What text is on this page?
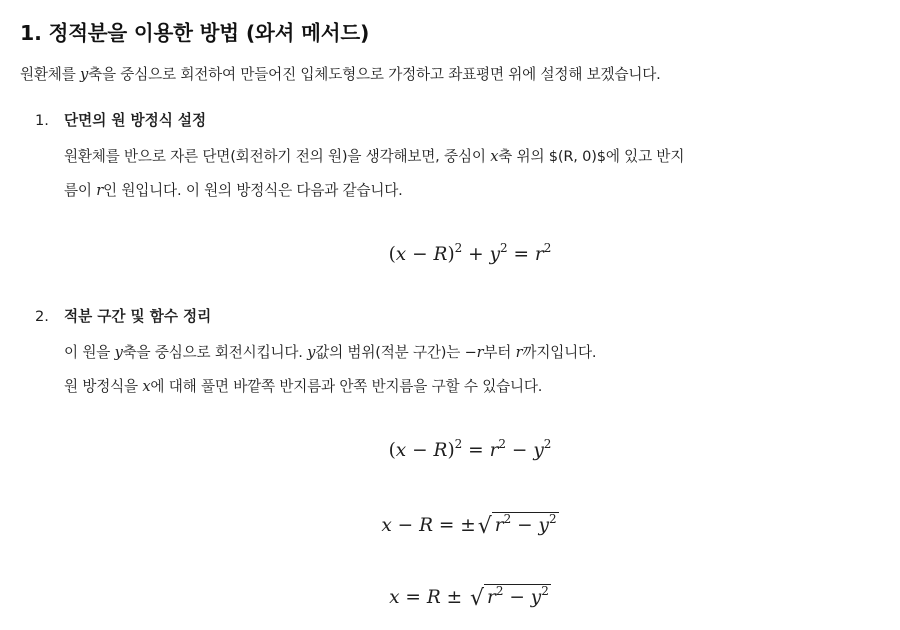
1. 정적분을 이용한 방법 (와셔 메서드)

원환체를 y축을 중심으로 회전하여 만들어진 입체도형으로 가정하고 좌표평면 위에 설정해 보겠습니다.

1. 단면의 원 방정식 설정
원환체를 반으로 자른 단면(회전하기 전의 원)을 생각해보면, 중심이 x축 위의 $(R, 0)$에 있고 반지
름이 r인 원입니다. 이 원의 방정식은 다음과 같습니다.
$(x - R)^2 + y^2 = r^2$
2. 적분 구간 및 함수 정리
이 원을 y축을 중심으로 회전시킵니다. y값의 범위(적분 구간)는 −r부터 r까지입니다.
원 방정식을 x에 대해 풀면 바깥쪽 반지름과 안쪽 반지름을 구할 수 있습니다.
$(x - R)^2 = r^2 - y^2$
x − R = ±√ $r^2 - y^2$
x = R ± √ $r^2 - y^2$
